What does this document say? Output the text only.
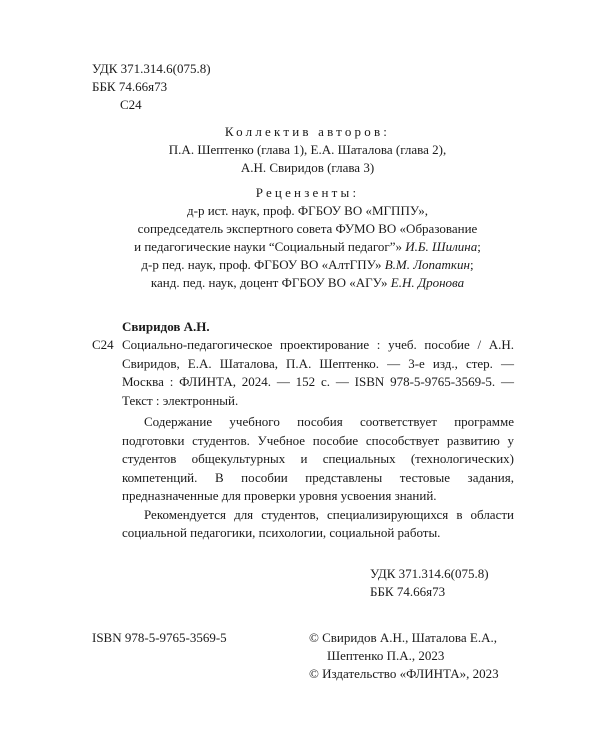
УДК 371.314.6(075.8)
ББК 74.66я73
С24
Коллектив авторов:
П.А. Шептенко (глава 1), Е.А. Шаталова (глава 2),
А.Н. Свиридов (глава 3)
Рецензенты:
д-р ист. наук, проф. ФГБОУ ВО «МГППУ»,
сопредседатель экспертного совета ФУМО ВО «Образование
и педагогические науки “Социальный педагог”» И.Б. Шилина;
д-р пед. наук, проф. ФГБОУ ВО «АлтГПУ» В.М. Лопаткин;
канд. пед. наук, доцент ФГБОУ ВО «АГУ» Е.Н. Дронова
Свиридов А.Н.
С24 Социально-педагогическое проектирование : учеб. пособие / А.Н.
Свиридов, Е.А. Шаталова, П.А. Шептенко. — 3-е изд., стер. —
Москва : ФЛИНТА, 2024. — 152 с. — ISBN 978-5-9765-3569-5. —
Текст : электронный.

Содержание учебного пособия соответствует программе подготовки студентов. Учебное пособие способствует развитию у студентов общекультурных и специальных (технологических) компетенций. В пособии представлены тестовые задания, предназначенные для проверки уровня усвоения знаний.

Рекомендуется для студентов, специализирующихся в области социальной педагогики, психологии, социальной работы.

УДК 371.314.6(075.8)
ББК 74.66я73
ISBN 978-5-9765-3569-5	© Свиридов А.Н., Шаталова Е.А.,
Шептенко П.А., 2023
© Издательство «ФЛИНТА», 2023
